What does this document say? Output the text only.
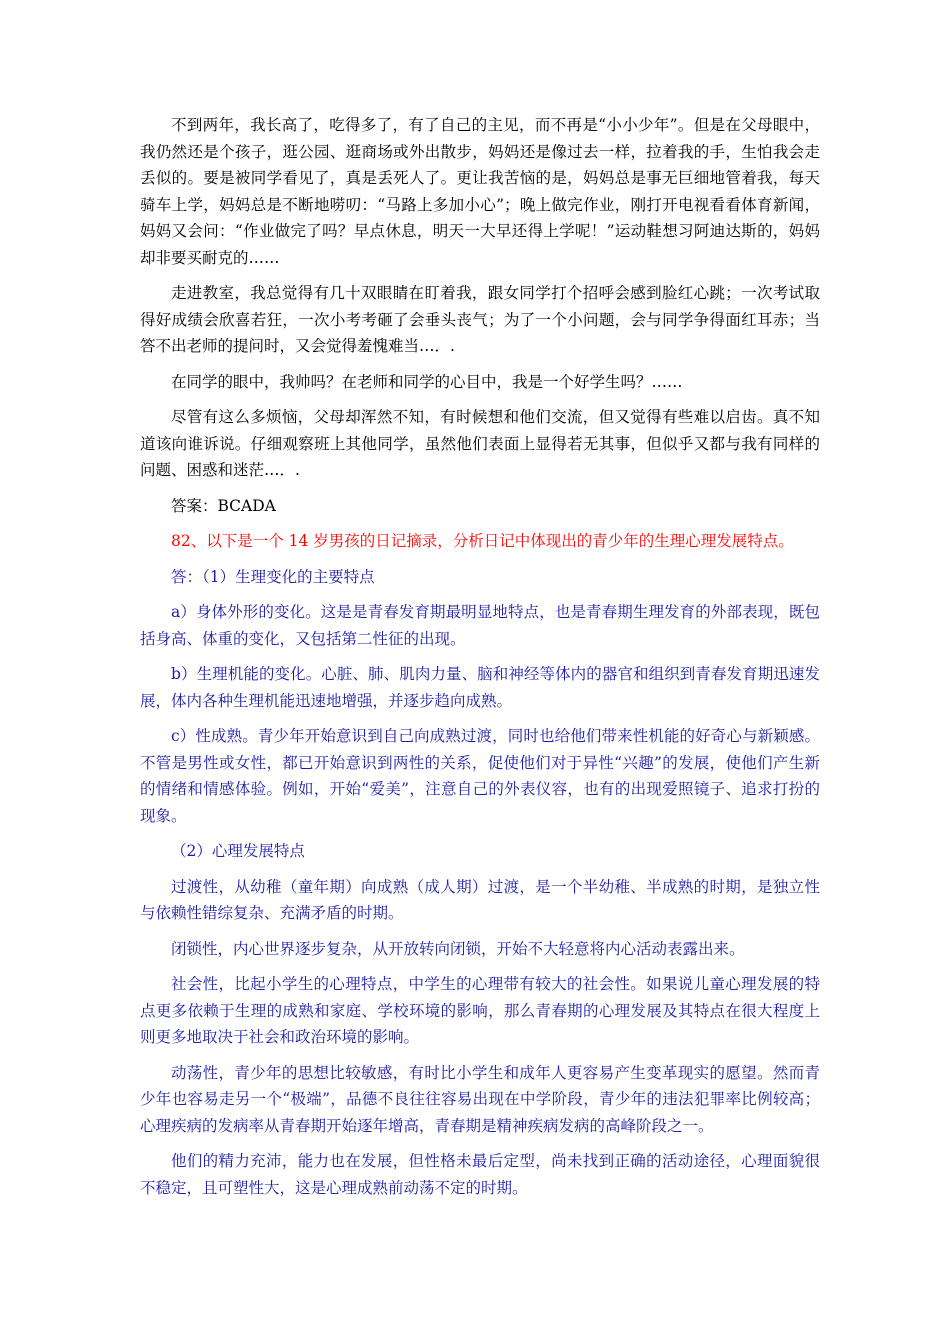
不到两年，我长高了，吃得多了，有了自己的主见，而不再是“小小少年”。但是在父母眼中，我仍然还是个孩子，逛公园、逛商场或外出散步，妈妈还是像过去一样，拉着我的手，生怕我会走丢似的。要是被同学看见了，真是丢死人了。更让我苦恼的是，妈妈总是事无巨细地管着我，每天骑车上学，妈妈总是不断地唠叨：“马路上多加小心”；晚上做完作业，刚打开电视看看体育新闻，妈妈又会问：“作业做完了吗？早点休息，明天一大早还得上学呢！”运动鞋想习阿迪达斯的，妈妈却非要买耐克的……

走进教室，我总觉得有几十双眼睛在盯着我，跟女同学打个招呼会感到脸红心跳；一次考试取得好成绩会欣喜若狂，一次小考考砸了会垂头丧气；为了一个小问题，会与同学争得面红耳赤；当答不出老师的提问时，又会觉得羞愧难当…．.

在同学的眼中，我帅吗？在老师和同学的心目中，我是一个好学生吗？……

尽管有这么多烦恼，父母却浑然不知，有时候想和他们交流，但又觉得有些难以启齿。真不知道该向谁诉说。仔细观察班上其他同学，虽然他们表面上显得若无其事，但似乎又都与我有同样的问题、困惑和迷茫…．.

答案：BCADA

82、以下是一个 14 岁男孩的日记摘录，分析日记中体现出的青少年的生理心理发展特点。

答：（1）生理变化的主要特点

a）身体外形的变化。这是是青春发育期最明显地特点，也是青春期生理发育的外部表现，既包括身高、体重的变化，又包括第二性征的出现。

b）生理机能的变化。心脏、肺、肌肉力量、脑和神经等体内的器官和组织到青春发育期迅速发展，体内各种生理机能迅速地增强，并逐步趋向成熟。

c）性成熟。青少年开始意识到自己向成熟过渡，同时也给他们带来性机能的好奇心与新颖感。不管是男性或女性，都已开始意识到两性的关系，促使他们对于异性“兴趣”的发展，使他们产生新的情绪和情感体验。例如，开始“爱美”，注意自己的外表仪容，也有的出现爱照镜子、追求打扮的现象。

（2）心理发展特点

过渡性，从幼稚（童年期）向成熟（成人期）过渡，是一个半幼稚、半成熟的时期，是独立性与依赖性错综复杂、充满矛盾的时期。

闭锁性，内心世界逐步复杂，从开放转向闭锁，开始不大轻意将内心活动表露出来。

社会性，比起小学生的心理特点，中学生的心理带有较大的社会性。如果说儿童心理发展的特点更多依赖于生理的成熟和家庭、学校环境的影响，那么青春期的心理发展及其特点在很大程度上则更多地取决于社会和政治环境的影响。

动荡性，青少年的思想比较敏感，有时比小学生和成年人更容易产生变革现实的愿望。然而青少年也容易走另一个“极端”，品德不良往往容易出现在中学阶段，青少年的违法犯罪率比例较高；心理疾病的发病率从青春期开始逐年增高，青春期是精神疾病发病的高峰阶段之一。

他们的精力充沛，能力也在发展，但性格未最后定型，尚未找到正确的活动途径，心理面貌很不稳定，且可塑性大，这是心理成熟前动荡不定的时期。
